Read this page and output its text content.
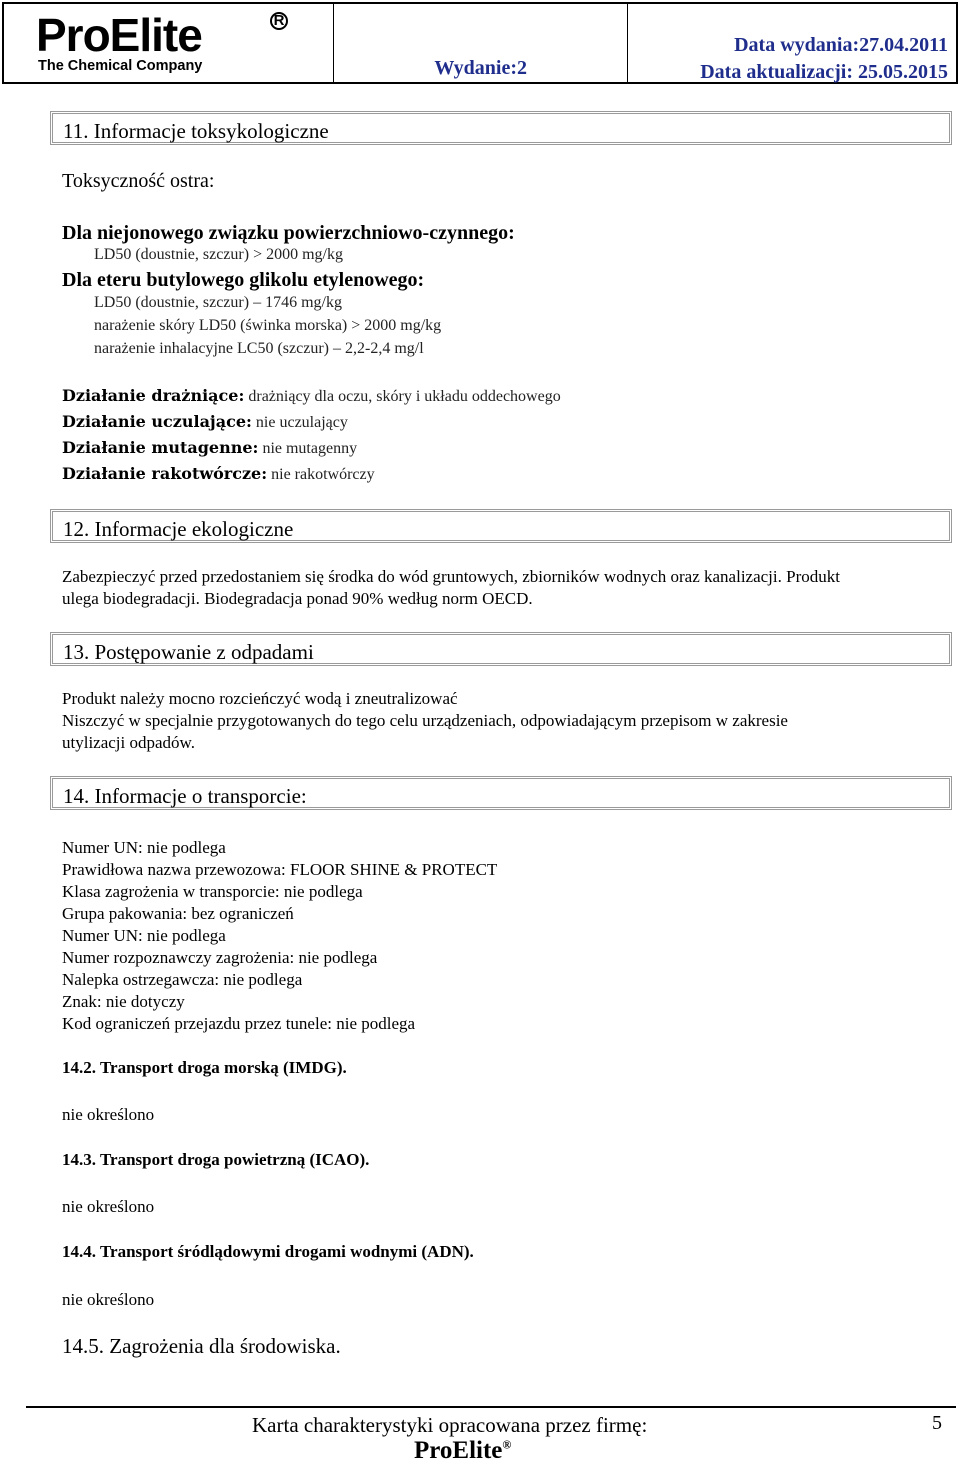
ProElite	R
The Chemical Company	Wydanie:2
Data wydania:27.04.2011
Data aktualizacji: 25.05.2015
11. Informacje toksykologiczne
Toksyczność ostra:
Dla niejonowego związku powierzchniowo-czynnego:
LD50 (doustnie, szczur) > 2000 mg/kg
Dla eteru butylowego glikolu etylenowego:
LD50 (doustnie, szczur) – 1746 mg/kg
narażenie skóry LD50 (świnka morska) > 2000 mg/kg
narażenie inhalacyjne LC50 (szczur) – 2,2-2,4 mg/l
Działanie drażniące: drażniący dla oczu, skóry i układu oddechowego
Działanie uczulające: nie uczulający
Działanie mutagenne: nie mutagenny
Działanie rakotwórcze: nie rakotwórczy
12. Informacje ekologiczne
Zabezpieczyć przed przedostaniem się środka do wód gruntowych, zbiorników wodnych oraz kanalizacji. Produkt
ulega biodegradacji. Biodegradacja ponad 90% według norm OECD.
13. Postępowanie z odpadami
Produkt należy mocno rozcieńczyć wodą i zneutralizować
Niszczyć w specjalnie przygotowanych do tego celu urządzeniach, odpowiadającym przepisom w zakresie
utylizacji odpadów.
14. Informacje o transporcie:
Numer UN: nie podlega
Prawidłowa nazwa przewozowa: FLOOR SHINE & PROTECT
Klasa zagrożenia w transporcie: nie podlega
Grupa pakowania: bez ograniczeń
Numer UN: nie podlega
Numer rozpoznawczy zagrożenia: nie podlega
Nalepka ostrzegawcza: nie podlega
Znak: nie dotyczy
Kod ograniczeń przejazdu przez tunele: nie podlega
14.2. Transport droga morską (IMDG).
nie określono
14.3. Transport droga powietrzną (ICAO).
nie określono
14.4. Transport śródlądowymi drogami wodnymi (ADN).
nie określono
14.5. Zagrożenia dla środowiska.
Karta charakterystyki opracowana przez firmę:
ProElite®
5
